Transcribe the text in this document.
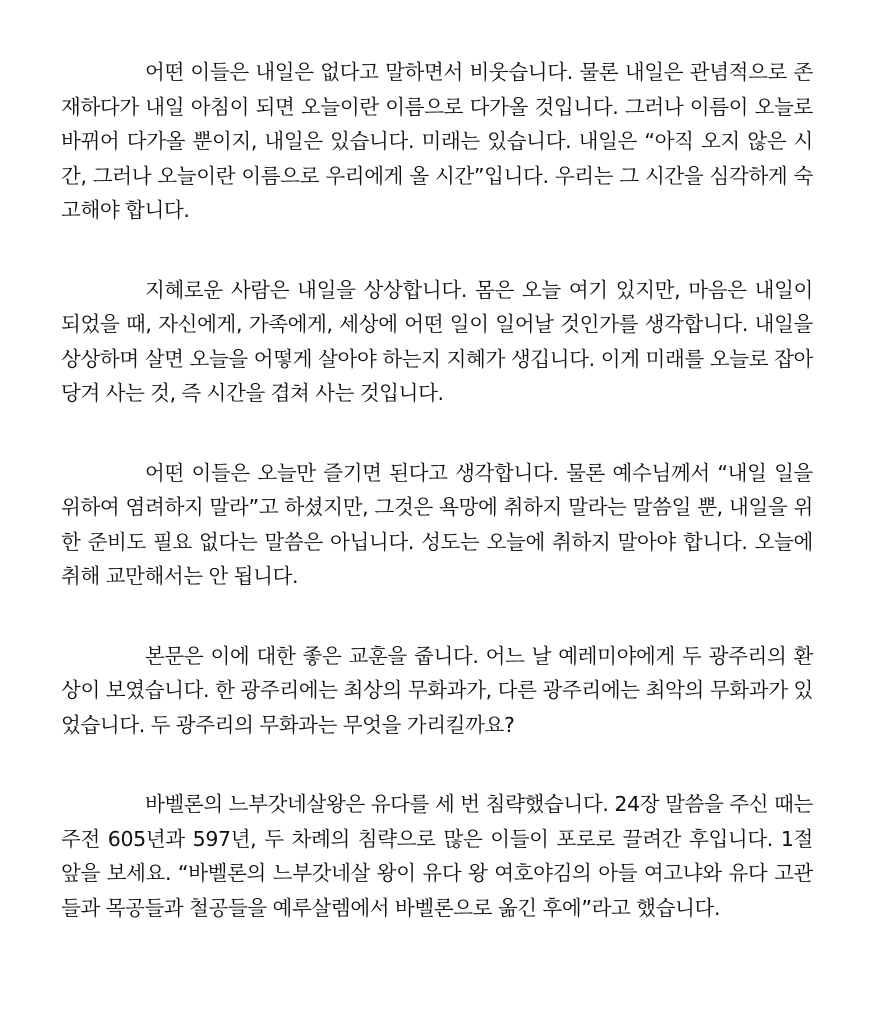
어떤 이들은 내일은 없다고 말하면서 비웃습니다. 물론 내일은 관념적으로 존재하다가 내일 아침이 되면 오늘이란 이름으로 다가올 것입니다. 그러나 이름이 오늘로 바뀌어 다가올 뿐이지, 내일은 있습니다. 미래는 있습니다. 내일은 “아직 오지 않은 시간, 그러나 오늘이란 이름으로 우리에게 올 시간”입니다. 우리는 그 시간을 심각하게 숙고해야 합니다.

지혜로운 사람은 내일을 상상합니다. 몸은 오늘 여기 있지만, 마음은 내일이 되었을 때, 자신에게, 가족에게, 세상에 어떤 일이 일어날 것인가를 생각합니다. 내일을 상상하며 살면 오늘을 어떻게 살아야 하는지 지혜가 생깁니다. 이게 미래를 오늘로 잡아당겨 사는 것, 즉 시간을 겹쳐 사는 것입니다.

어떤 이들은 오늘만 즐기면 된다고 생각합니다. 물론 예수님께서 “내일 일을 위하여 염려하지 말라”고 하셨지만, 그것은 욕망에 취하지 말라는 말씀일 뿐, 내일을 위한 준비도 필요 없다는 말씀은 아닙니다. 성도는 오늘에 취하지 말아야 합니다. 오늘에 취해 교만해서는 안 됩니다.

본문은 이에 대한 좋은 교훈을 줍니다. 어느 날 예레미야에게 두 광주리의 환상이 보였습니다. 한 광주리에는 최상의 무화과가, 다른 광주리에는 최악의 무화과가 있었습니다. 두 광주리의 무화과는 무엇을 가리킬까요?

바벨론의 느부갓네살왕은 유다를 세 번 침략했습니다. 24장 말씀을 주신 때는 주전 605년과 597년, 두 차례의 침략으로 많은 이들이 포로로 끌려간 후입니다. 1절 앞을 보세요. “바벨론의 느부갓네살 왕이 유다 왕 여호야김의 아들 여고냐와 유다 고관들과 목공들과 철공들을 예루살렘에서 바벨론으로 옮긴 후에”라고 했습니다.
